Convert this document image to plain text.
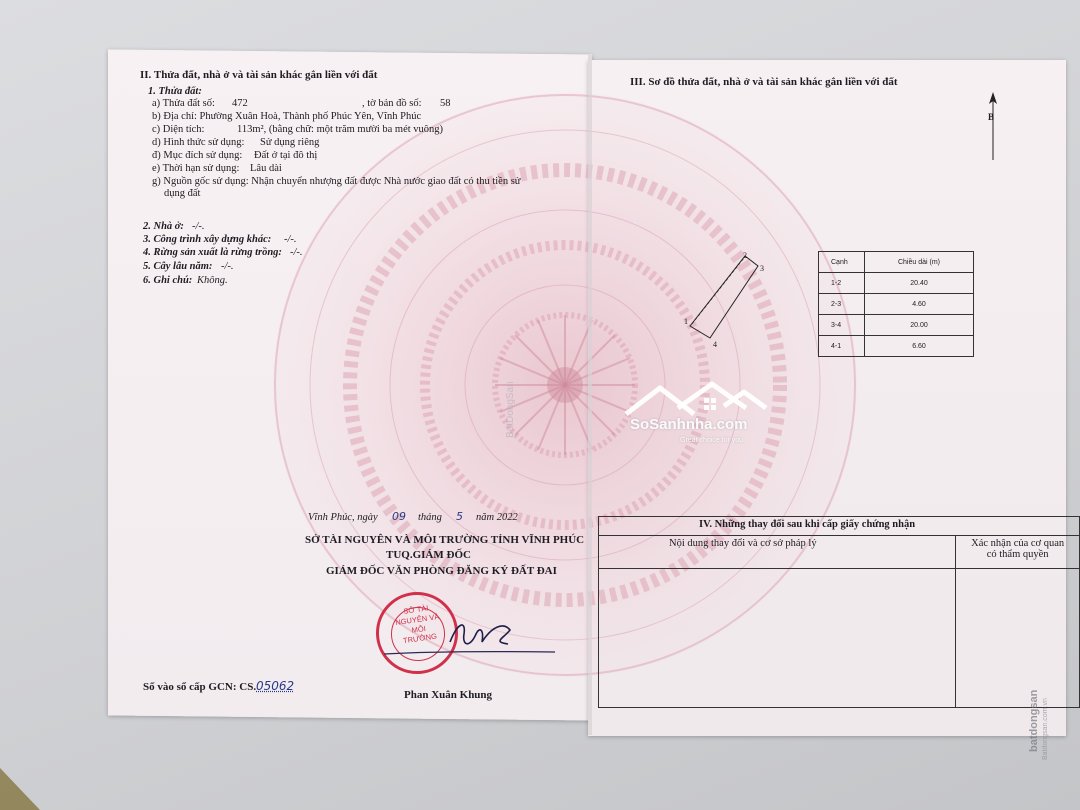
II. Thửa đất, nhà ở và tài sản khác gắn liền với đất
1. Thửa đất:
a) Thửa đất số: 472	, tờ bản đồ số: 58
b) Địa chỉ: Phường Xuân Hoà, Thành phố Phúc Yên, Vĩnh Phúc
c) Diện tích:	113m², (bằng chữ: một trăm mười ba mét vuông)
d) Hình thức sử dụng: Sử dụng riêng
đ) Mục đích sử dụng: Đất ở tại đô thị
e) Thời hạn sử dụng: Lâu dài
g) Nguồn gốc sử dụng: Nhận chuyển nhượng đất được Nhà nước giao đất có thu tiền sử
dụng đất
2. Nhà ở: -/-.
3. Công trình xây dựng khác: -/-.
4. Rừng sản xuất là rừng trồng: -/-.
5. Cây lâu năm: -/-.
6. Ghi chú: Không.
Vĩnh Phúc, ngày 09 tháng 5 năm 2022
SỞ TÀI NGUYÊN VÀ MÔI TRƯỜNG TỈNH VĨNH PHÚC
TUQ.GIÁM ĐỐC
GIÁM ĐỐC VĂN PHÒNG ĐĂNG KÝ ĐẤT ĐAI
SỞ TÀI NGUYÊN VÀ MÔI TRƯỜNG
Phan Xuân Khung
Số vào sổ cấp GCN: CS. 05062
III. Sơ đồ thửa đất, nhà ở và tài sản khác gắn liền với đất
B
1
2
3
4
Cạnh	Chiều dài (m)
1-2	20.40
2-3	4.60
3-4	20.00
4-1	6.60
IV. Những thay đổi sau khi cấp giấy chứng nhận	
Nội dung thay đổi và cơ sở pháp lý	Xác nhận của cơ quan
có thẩm quyền

SoSanhnha.com
Great choice for you
BatDongSan
batdongsan Batdongsan.com.vn
